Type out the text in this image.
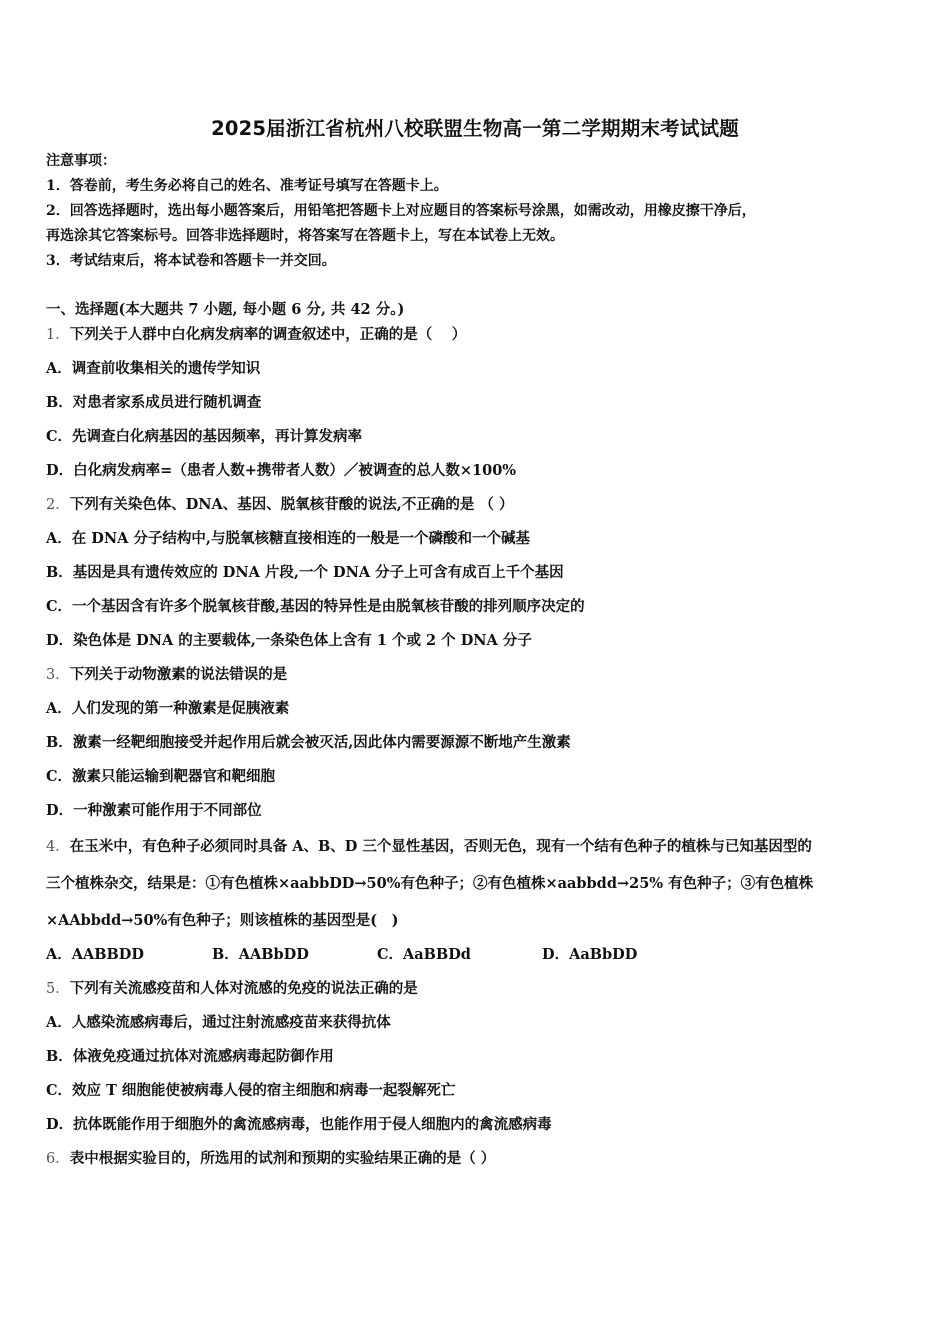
2025届浙江省杭州八校联盟生物高一第二学期期末考试试题
注意事项：
1．答卷前，考生务必将自己的姓名、准考证号填写在答题卡上。
2．回答选择题时，选出每小题答案后，用铅笔把答题卡上对应题目的答案标号涂黑，如需改动，用橡皮擦干净后，
再选涂其它答案标号。回答非选择题时，将答案写在答题卡上，写在本试卷上无效。
3．考试结束后，将本试卷和答题卡一并交回。
一、选择题(本大题共 7 小题, 每小题 6 分, 共 42 分。)
1．下列关于人群中白化病发病率的调查叙述中，正确的是（　 ）
A．调查前收集相关的遗传学知识
B．对患者家系成员进行随机调查
C．先调查白化病基因的基因频率，再计算发病率
D．白化病发病率=（患者人数+携带者人数）／被调查的总人数×100%
2．下列有关染色体、DNA、基因、脱氧核苷酸的说法,不正确的是 （ ）
A．在 DNA 分子结构中,与脱氧核糖直接相连的一般是一个磷酸和一个碱基
B．基因是具有遗传效应的 DNA 片段,一个 DNA 分子上可含有成百上千个基因
C．一个基因含有许多个脱氧核苷酸,基因的特异性是由脱氧核苷酸的排列顺序决定的
D．染色体是 DNA 的主要载体,一条染色体上含有 1 个或 2 个 DNA 分子
3．下列关于动物激素的说法错误的是
A．人们发现的第一种激素是促胰液素
B．激素一经靶细胞接受并起作用后就会被灭活,因此体内需要源源不断地产生激素
C．激素只能运输到靶器官和靶细胞
D．一种激素可能作用于不同部位
4．在玉米中，有色种子必须同时具备 A、B、D 三个显性基因，否则无色，现有一个结有色种子的植株与已知基因型的
三个植株杂交，结果是：①有色植株×aabbDD→50%有色种子；②有色植株×aabbdd→25% 有色种子；③有色植株
×AAbbdd→50%有色种子；则该植株的基因型是(　)
A．AABBDD	B．AABbDD	C．AaBBDd	D．AaBbDD
5．下列有关流感疫苗和人体对流感的免疫的说法正确的是
A．人感染流感病毒后，通过注射流感疫苗来获得抗体
B．体液免疫通过抗体对流感病毒起防御作用
C．效应 T 细胞能使被病毒人侵的宿主细胞和病毒一起裂解死亡
D．抗体既能作用于细胞外的禽流感病毒，也能作用于侵人细胞内的禽流感病毒
6．表中根据实验目的，所选用的试剂和预期的实验结果正确的是（ ）
